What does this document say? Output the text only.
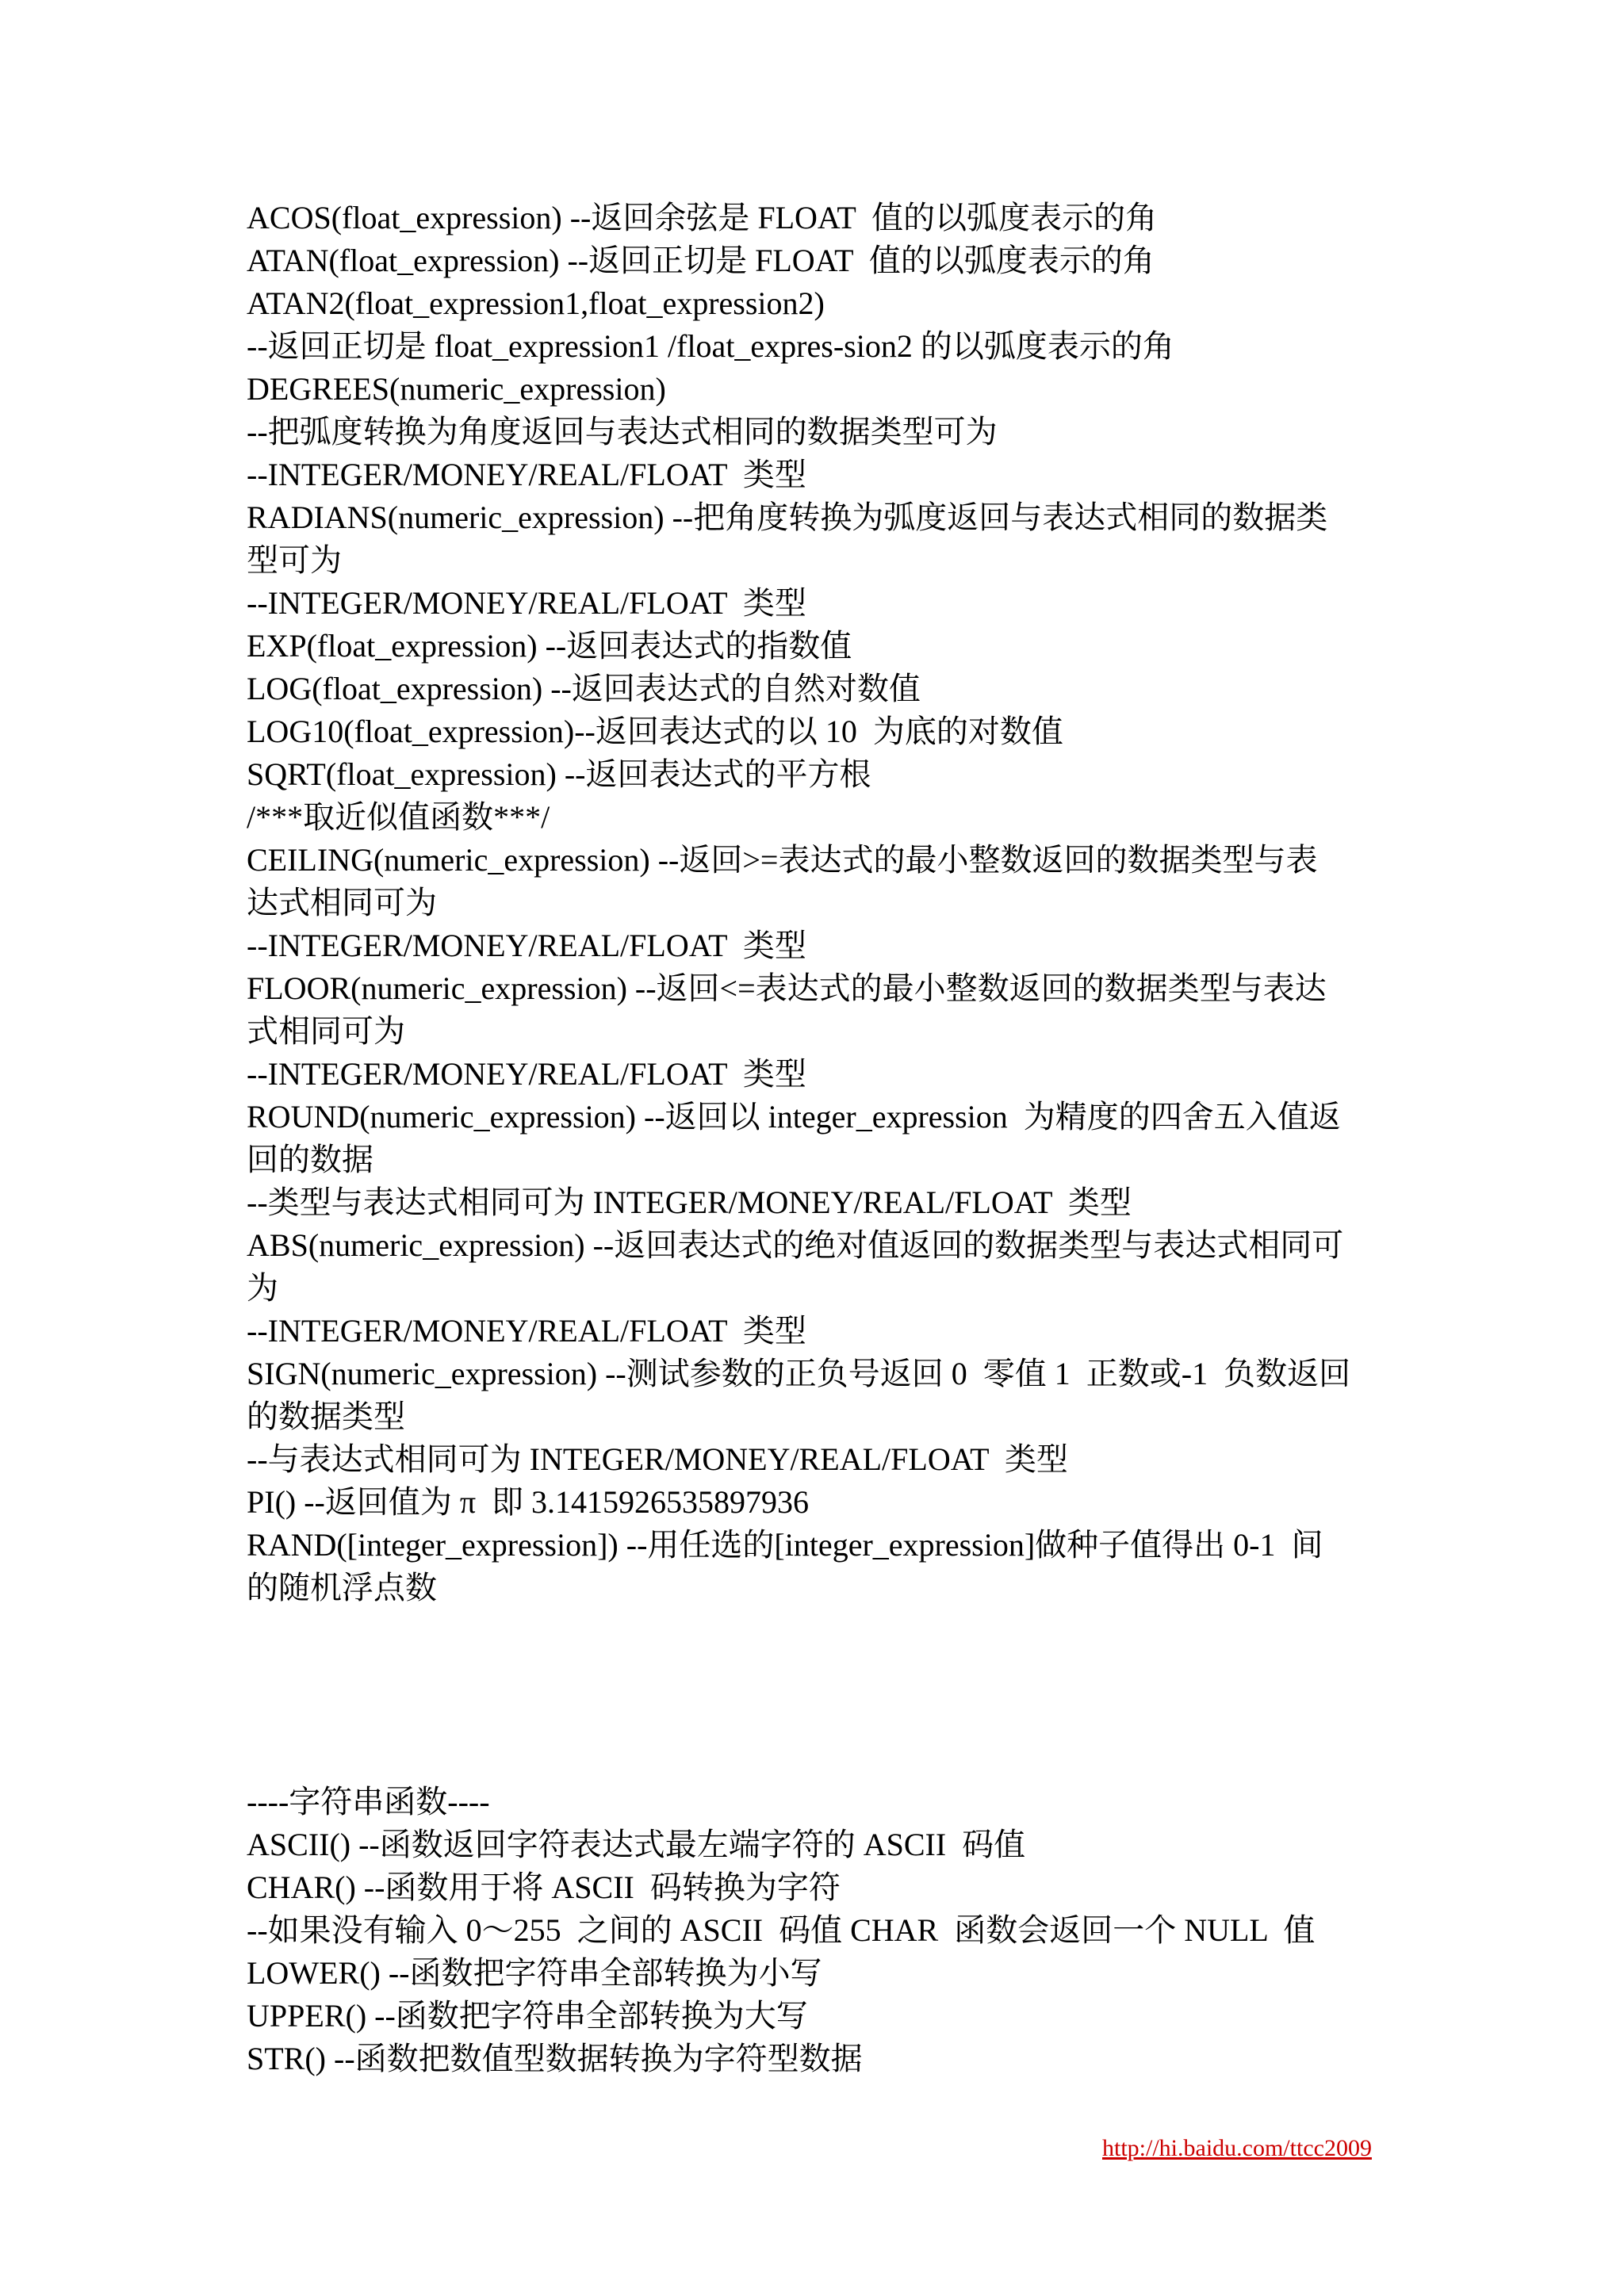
ACOS(float_expression) --返回余弦是 FLOAT  值的以弧度表示的角

ATAN(float_expression) --返回正切是 FLOAT  值的以弧度表示的角

ATAN2(float_expression1,float_expression2)

--返回正切是 float_expression1 /float_expres-sion2 的以弧度表示的角

DEGREES(numeric_expression)

--把弧度转换为角度返回与表达式相同的数据类型可为

--INTEGER/MONEY/REAL/FLOAT  类型

RADIANS(numeric_expression) --把角度转换为弧度返回与表达式相同的数据类

型可为

--INTEGER/MONEY/REAL/FLOAT  类型

EXP(float_expression) --返回表达式的指数值

LOG(float_expression) --返回表达式的自然对数值

LOG10(float_expression)--返回表达式的以 10  为底的对数值

SQRT(float_expression) --返回表达式的平方根

/***取近似值函数***/

CEILING(numeric_expression) --返回>=表达式的最小整数返回的数据类型与表

达式相同可为

--INTEGER/MONEY/REAL/FLOAT  类型

FLOOR(numeric_expression) --返回<=表达式的最小整数返回的数据类型与表达

式相同可为

--INTEGER/MONEY/REAL/FLOAT  类型

ROUND(numeric_expression) --返回以 integer_expression  为精度的四舍五入值返

回的数据

--类型与表达式相同可为 INTEGER/MONEY/REAL/FLOAT  类型

ABS(numeric_expression) --返回表达式的绝对值返回的数据类型与表达式相同可

为

--INTEGER/MONEY/REAL/FLOAT  类型

SIGN(numeric_expression) --测试参数的正负号返回 0  零值 1  正数或-1  负数返回

的数据类型

--与表达式相同可为 INTEGER/MONEY/REAL/FLOAT  类型

PI() --返回值为 π  即 3.1415926535897936

RAND([integer_expression]) --用任选的[integer_expression]做种子值得出 0-1  间

的随机浮点数

----字符串函数----

ASCII() --函数返回字符表达式最左端字符的 ASCII  码值

CHAR() --函数用于将 ASCII  码转换为字符

--如果没有输入 0～255  之间的 ASCII  码值 CHAR  函数会返回一个 NULL  值

LOWER() --函数把字符串全部转换为小写

UPPER() --函数把字符串全部转换为大写

STR() --函数把数值型数据转换为字符型数据

http://hi.baidu.com/ttcc2009
